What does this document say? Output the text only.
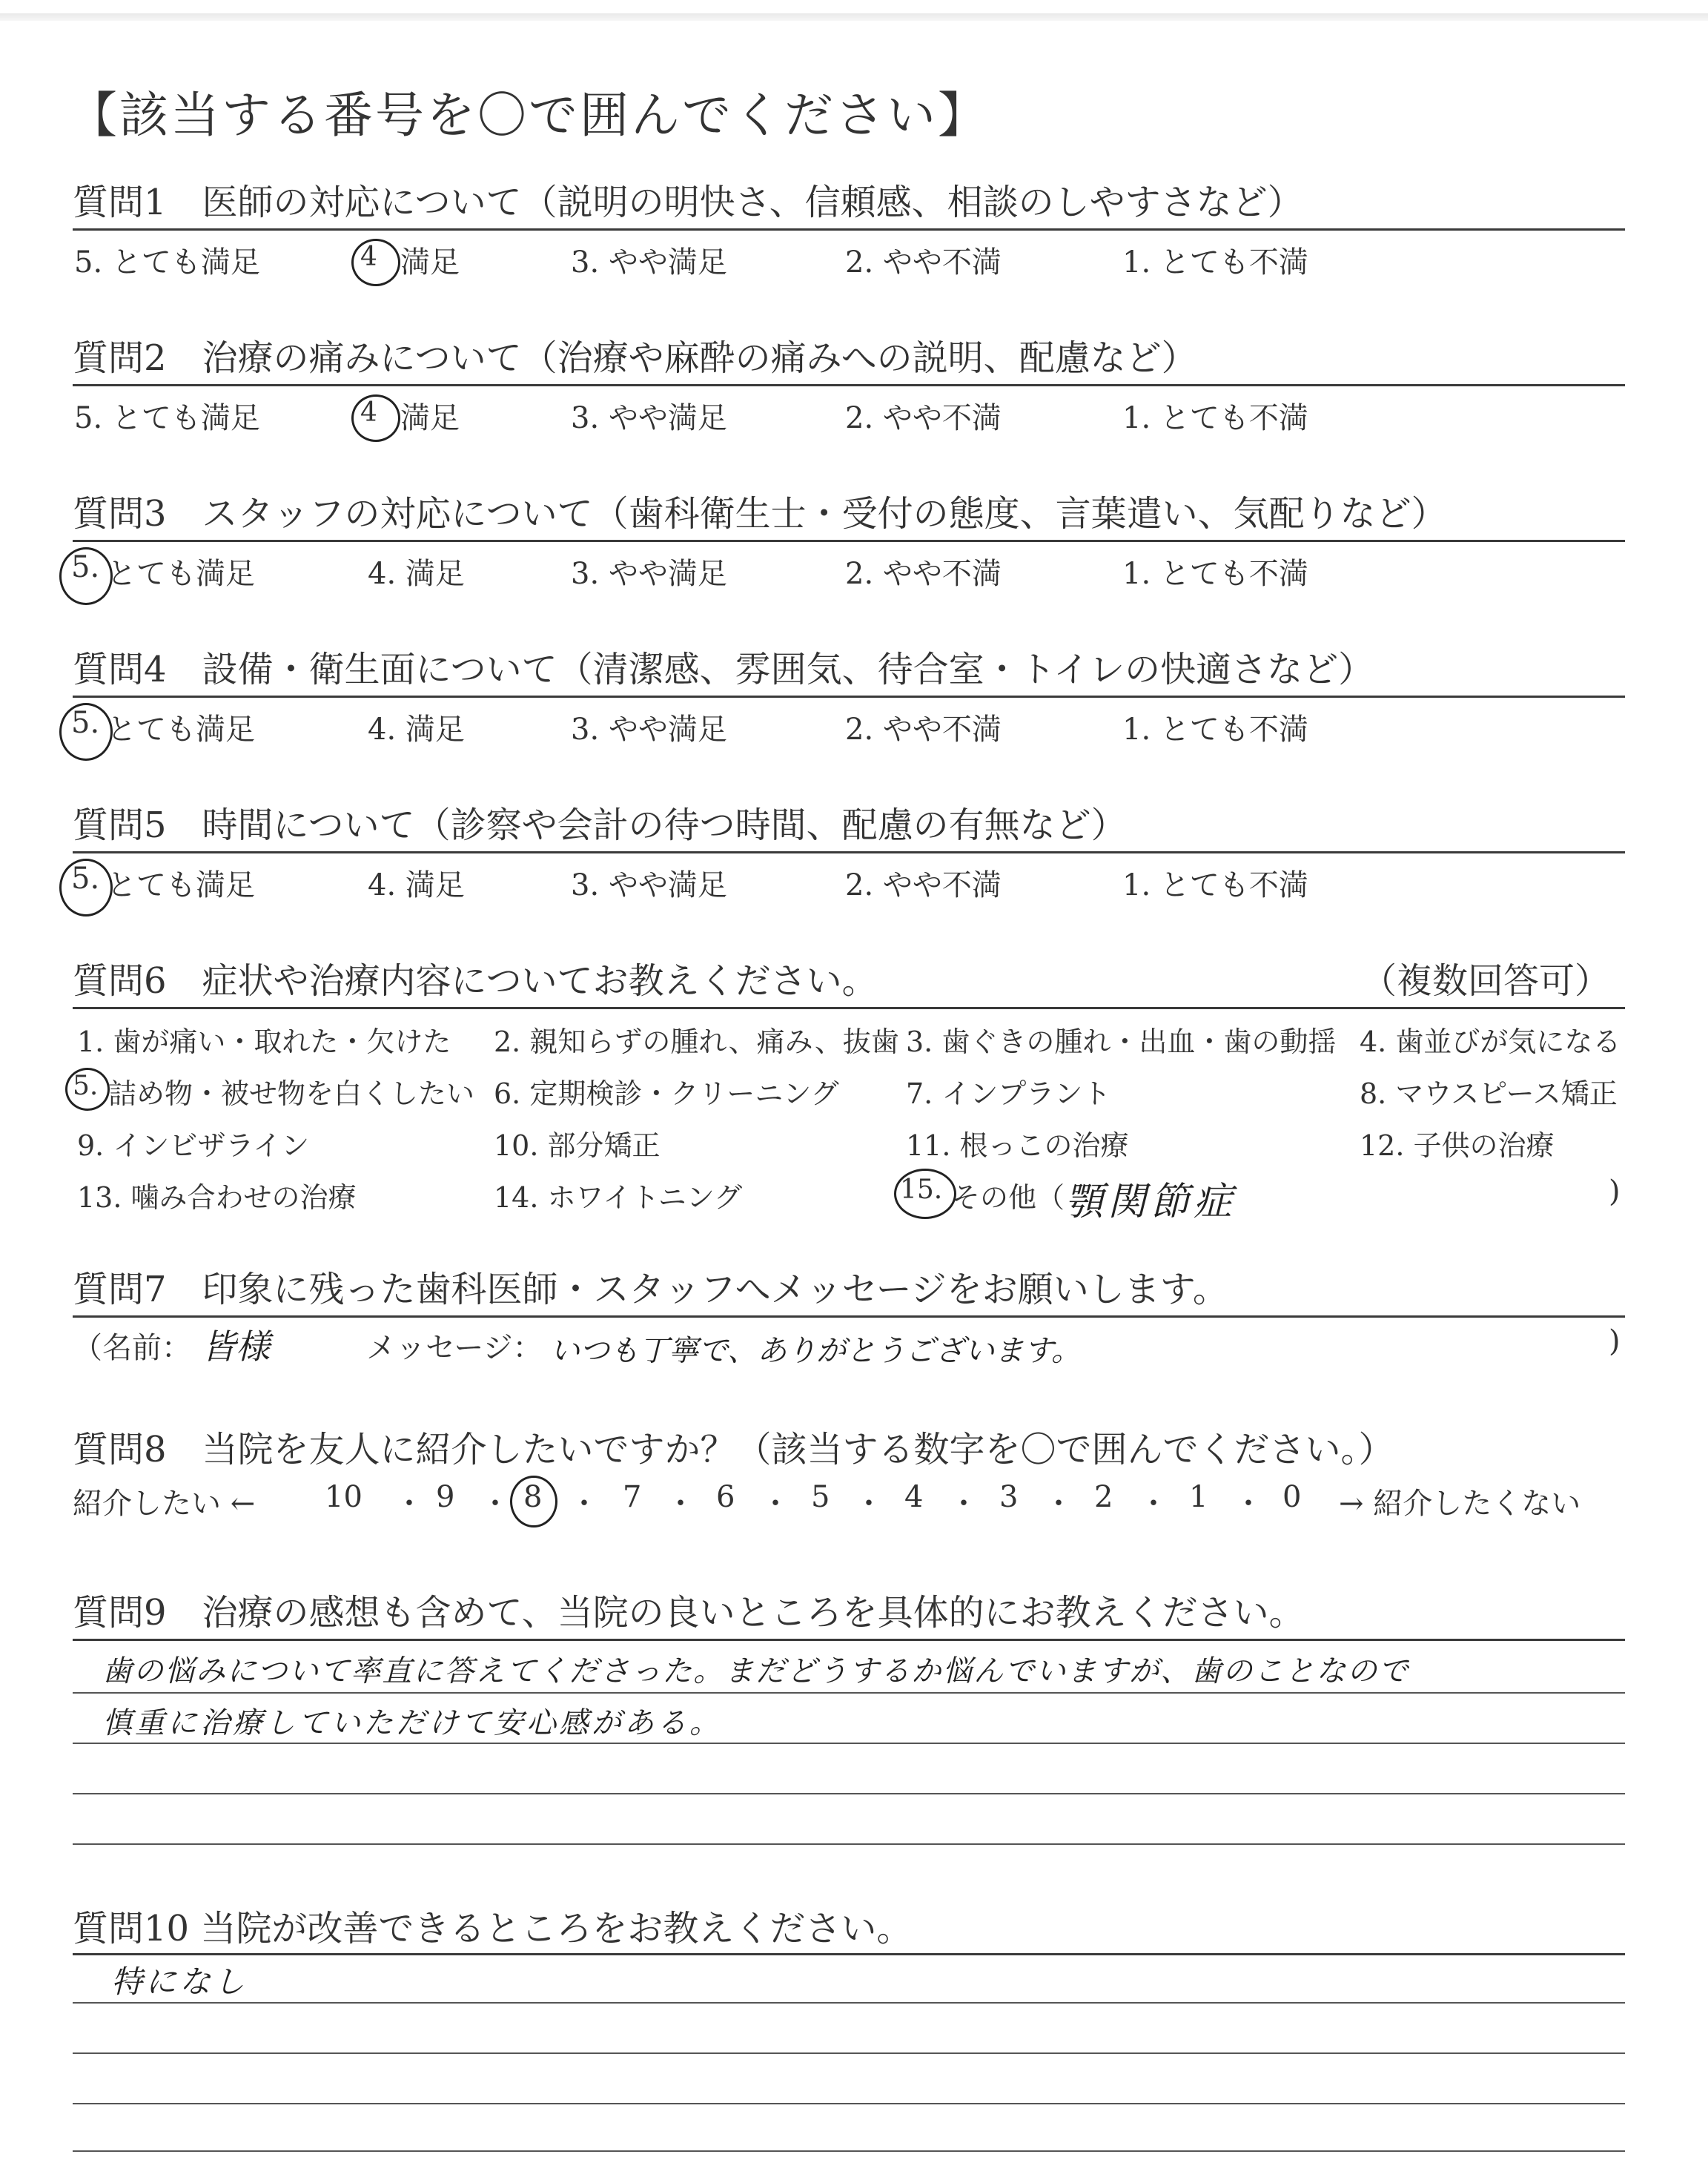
【該当する番号を〇で囲んでください】
質問1　医師の対応について（説明の明快さ、信頼感、相談のしやすさなど）
5. とても満足	4 満足	3. やや満足	2. やや不満	1. とても不満
質問2　治療の痛みについて（治療や麻酔の痛みへの説明、配慮など）
5. とても満足	4 満足	3. やや満足	2. やや不満	1. とても不満
質問3　スタッフの対応について（歯科衛生士・受付の態度、言葉遣い、気配りなど）
5. とても満足	4. 満足	3. やや満足	2. やや不満	1. とても不満
質問4　設備・衛生面について（清潔感、雰囲気、待合室・トイレの快適さなど）
5. とても満足	4. 満足	3. やや満足	2. やや不満	1. とても不満
質問5　時間について（診察や会計の待つ時間、配慮の有無など）
5. とても満足	4. 満足	3. やや満足	2. やや不満	1. とても不満
質問6　症状や治療内容についてお教えください。	（複数回答可）
1. 歯が痛い・取れた・欠けた 2. 親知らずの腫れ、痛み、抜歯 3. 歯ぐきの腫れ・出血・歯の動揺 4. 歯並びが気になる
5. 詰め物・被せ物を白くしたい 6. 定期検診・クリーニング 7. インプラント	8. マウスピース矯正
9. インビザライン	10. 部分矯正	11. 根っこの治療	12. 子供の治療
13. 噛み合わせの治療	14. ホワイトニング	15. その他（ 顎関節症	)
質問7　印象に残った歯科医師・スタッフへメッセージをお願いします。
（名前： 皆様	メッセージ： いつも丁寧で、ありがとうございます。	)
質問8　当院を友人に紹介したいですか？（該当する数字を〇で囲んでください。）
紹介したい ← 10 ・ 9 ・ 8 ・ 7 ・ 6 ・ 5 ・ 4 ・ 3 ・ 2 ・ 1 ・ 0 → 紹介したくない
質問9　治療の感想も含めて、当院の良いところを具体的にお教えください。
歯の悩みについて率直に答えてくださった。まだどうするか悩んでいますが、歯のことなので
慎重に治療していただけて安心感がある。
質問10 当院が改善できるところをお教えください。
特になし
